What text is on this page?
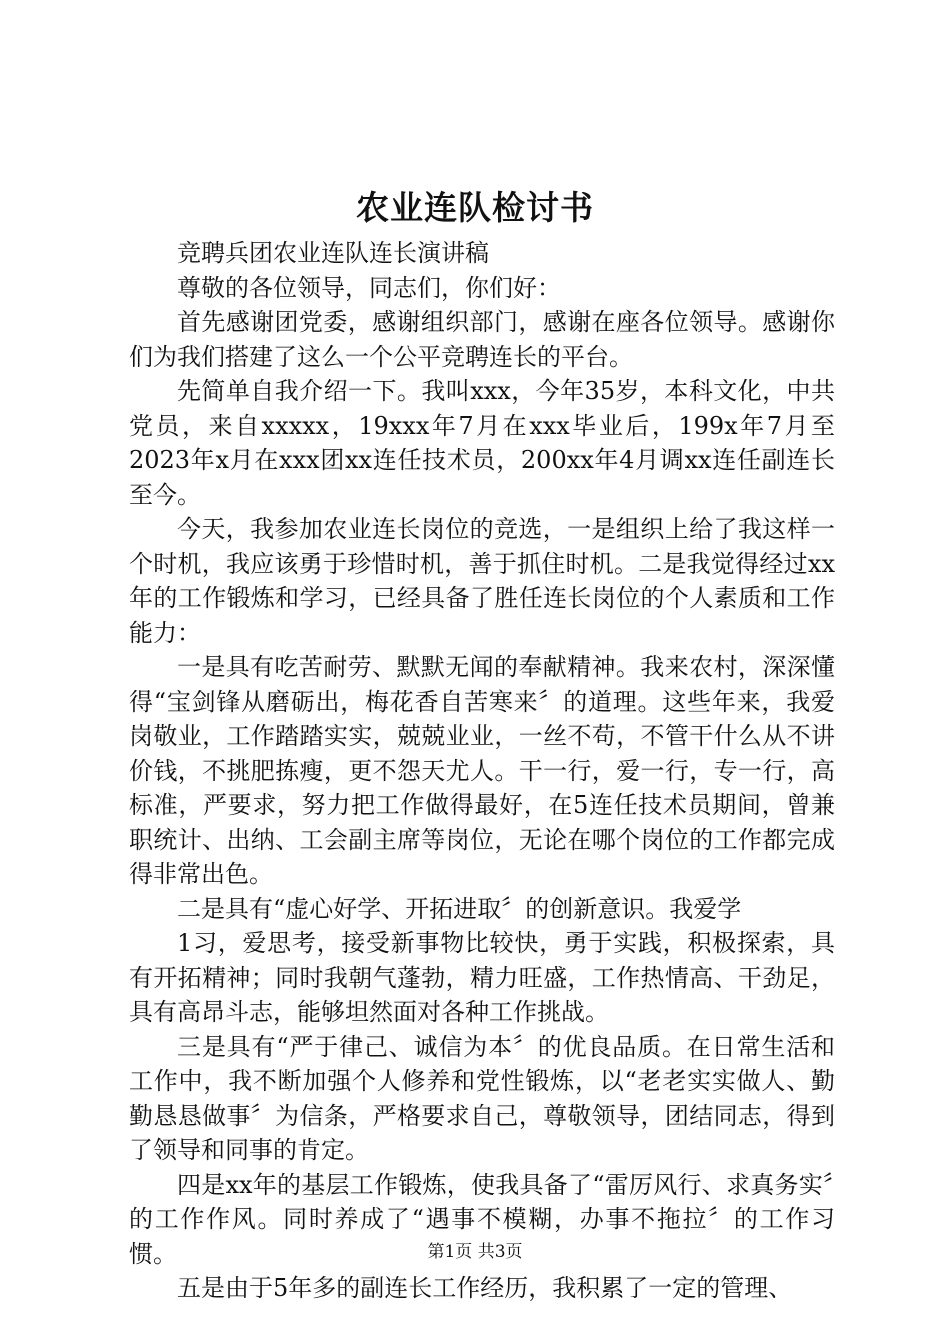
农业连队检讨书

竞聘兵团农业连队连长演讲稿

尊敬的各位领导，同志们，你们好：

首先感谢团党委，感谢组织部门，感谢在座各位领导。感谢你们为我们搭建了这么一个公平竞聘连长的平台。

先简单自我介绍一下。我叫xxx，今年35岁，本科文化，中共党员，来自xxxxx，19xxx年7月在xxx毕业后，199x年7月至2023年x月在xxx团xx连任技术员，200xx年4月调xx连任副连长至今。

今天，我参加农业连长岗位的竞选，一是组织上给了我这样一个时机，我应该勇于珍惜时机，善于抓住时机。二是我觉得经过xx年的工作锻炼和学习，已经具备了胜任连长岗位的个人素质和工作能力：

一是具有吃苦耐劳、默默无闻的奉献精神。我来农村，深深懂得“宝剑锋从磨砺出，梅花香自苦寒来〞的道理。这些年来，我爱岗敬业，工作踏踏实实，兢兢业业，一丝不苟，不管干什么从不讲价钱，不挑肥拣瘦，更不怨天尤人。干一行，爱一行，专一行，高标准，严要求，努力把工作做得最好，在5连任技术员期间，曾兼职统计、出纳、工会副主席等岗位，无论在哪个岗位的工作都完成得非常出色。

二是具有“虚心好学、开拓进取〞的创新意识。我爱学

1习，爱思考，接受新事物比较快，勇于实践，积极探索，具有开拓精神；同时我朝气蓬勃，精力旺盛，工作热情高、干劲足，具有高昂斗志，能够坦然面对各种工作挑战。

三是具有“严于律己、诚信为本〞的优良品质。在日常生活和工作中，我不断加强个人修养和党性锻炼，以“老老实实做人、勤勤恳恳做事〞为信条，严格要求自己，尊敬领导，团结同志，得到了领导和同事的肯定。

四是xx年的基层工作锻炼，使我具备了“雷厉风行、求真务实〞的工作作风。同时养成了“遇事不模糊，办事不拖拉〞的工作习惯。

五是由于5年多的副连长工作经历，我积累了一定的管理、

第1页 共3页
